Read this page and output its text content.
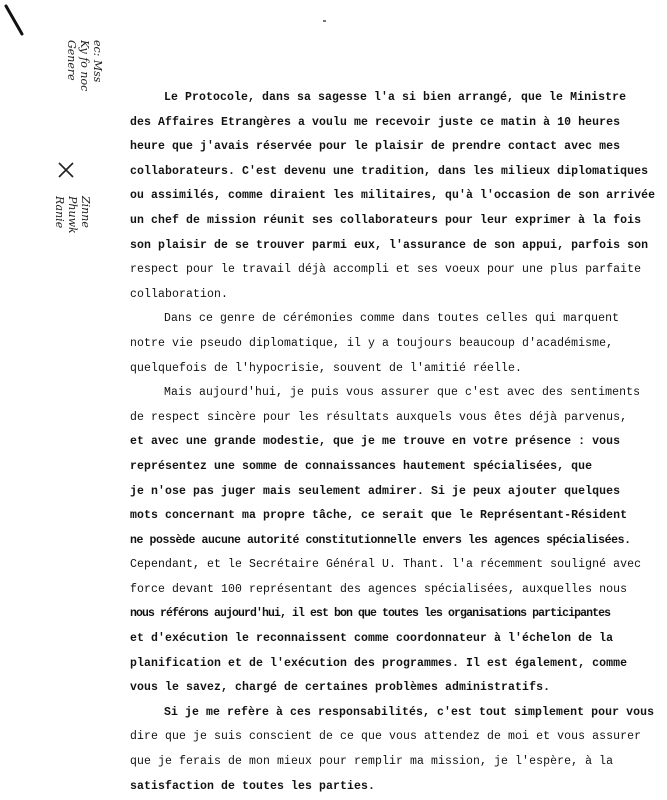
ec: Mss
Ky fo noc
Genere
Zinne
Phuwk
Ranie
Le Protocole, dans sa sagesse l'a si bien arrangé, que le Ministre
des Affaires Etrangères a voulu me recevoir juste ce matin à 10 heures
heure que j'avais réservée pour le plaisir de prendre contact avec mes
collaborateurs. C'est devenu une tradition, dans les milieux diplomatiques
ou assimilés, comme diraient les militaires, qu'à l'occasion de son arrivée
un chef de mission réunit ses collaborateurs pour leur exprimer à la fois
son plaisir de se trouver parmi eux, l'assurance de son appui, parfois son
respect pour le travail déjà accompli et ses voeux pour une plus parfaite
collaboration.
Dans ce genre de cérémonies comme dans toutes celles qui marquent
notre vie pseudo diplomatique, il y a toujours beaucoup d'académisme,
quelquefois de l'hypocrisie, souvent de l'amitié réelle.
Mais aujourd'hui, je puis vous assurer que c'est avec des sentiments
de respect sincère pour les résultats auxquels vous êtes déjà parvenus,
et avec une grande modestie, que je me trouve en votre présence : vous
représentez une somme de connaissances hautement spécialisées, que
je n'ose pas juger mais seulement admirer. Si je peux ajouter quelques
mots concernant ma propre tâche, ce serait que le Représentant-Résident
ne possède aucune autorité constitutionnelle envers les agences spécialisées.
Cependant, et le Secrétaire Général U. Thant. l'a récemment souligné avec
force devant 100 représentant des agences spécialisées, auxquelles nous
nous référons aujourd'hui, il est bon que toutes les organisations participantes
et d'exécution le reconnaissent comme coordonnateur à l'échelon de la
planification et de l'exécution des programmes. Il est également, comme
vous le savez, chargé de certaines problèmes administratifs.
Si je me refère à ces responsabilités, c'est tout simplement pour vous
dire que je suis conscient de ce que vous attendez de moi et vous assurer
que je ferais de mon mieux pour remplir ma mission, je l'espère, à la
satisfaction de toutes les parties.
